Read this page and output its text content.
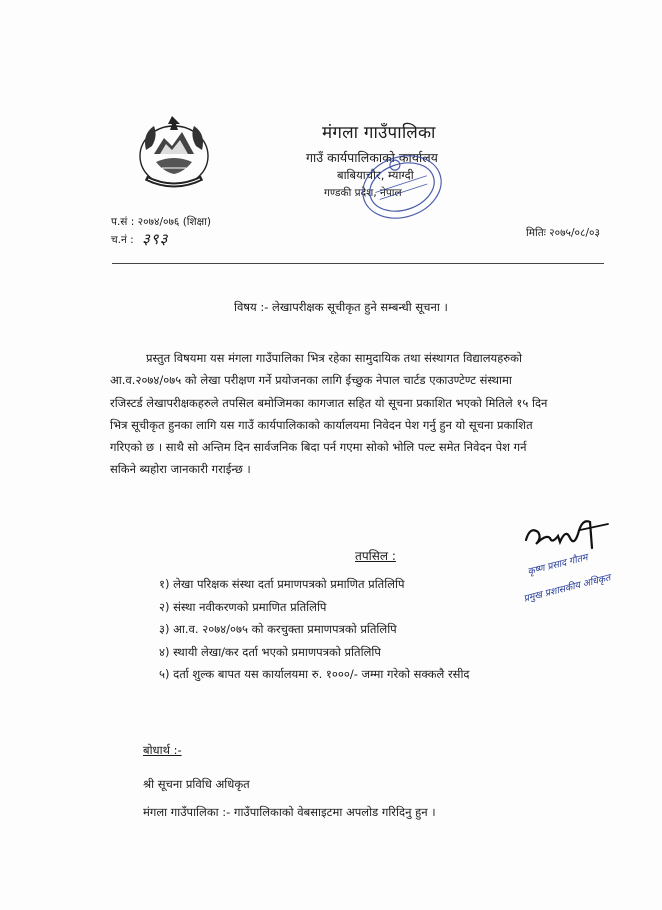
मंगला गाउँपालिका
गाउँ कार्यपालिकाको कार्यालय
बाबियाचौर, म्याग्दी
गण्डकी प्रदेश, नेपाल
प.सं : २०७४/०७६ (शिक्षा)
च.नं : ३९३	मितिः २०७५/०८/०३
विषय :- लेखापरीक्षक सूचीकृत हुने सम्बन्धी सूचना ।
प्रस्तुत विषयमा यस मंगला गाउँपालिका भित्र रहेका सामुदायिक तथा संस्थागत विद्यालयहरुको
आ.व.२०७४/०७५ को लेखा परीक्षण गर्ने प्रयोजनका लागि ईच्छुक नेपाल चार्टड एकाउण्टेण्ट संस्थामा
रजिस्टर्ड लेखापरीक्षकहरुले तपसिल बमोजिमका कागजात सहित यो सूचना प्रकाशित भएको मितिले १५ दिन
भित्र सूचीकृत हुनका लागि यस गाउँ कार्यपालिकाको कार्यालयमा निवेदन पेश गर्नु हुन यो सूचना प्रकाशित
गरिएको छ । साथै सो अन्तिम दिन सार्वजनिक बिदा पर्न गएमा सोको भोलि पल्ट समेत निवेदन पेश गर्न
सकिने ब्यहोरा जानकारी गराईन्छ ।
कृष्ण प्रसाद गौतम
प्रमुख प्रशासकीय अधिकृत
तपसिल :
१) लेखा परिक्षक संस्था दर्ता प्रमाणपत्रको प्रमाणित प्रतिलिपि
२) संस्था नवीकरणको प्रमाणित प्रतिलिपि
३) आ.व. २०७४/०७५ को करचुक्ता प्रमाणपत्रको प्रतिलिपि
४) स्थायी लेखा/कर दर्ता भएको प्रमाणपत्रको प्रतिलिपि
५) दर्ता शुल्क बापत यस कार्यालयमा रु. १०००/- जम्मा गरेको सक्कलै रसीद
बोधार्थ :-
श्री सूचना प्रविधि अधिकृत
मंगला गाउँपालिका :- गाउँपालिकाको वेबसाइटमा अपलोड गरिदिनु हुन ।
